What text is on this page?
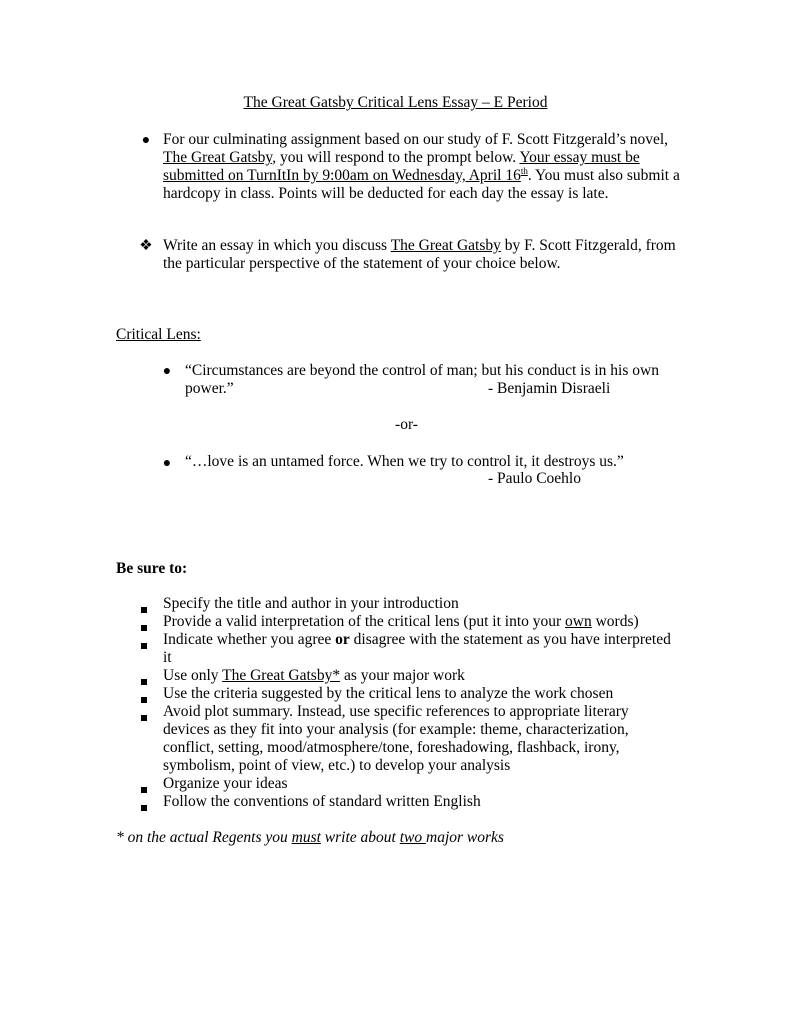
The Great Gatsby Critical Lens Essay – E Period
● For our culminating assignment based on our study of F. Scott Fitzgerald’s novel,
The Great Gatsby, you will respond to the prompt below. Your essay must be submitted on TurnItIn by 9:00am on Wednesday, April 16th. You must also submit a hardcopy in class. Points will be deducted for each day the essay is late.
❖ Write an essay in which you discuss The Great Gatsby by F. Scott Fitzgerald, from the particular perspective of the statement of your choice below.
Critical Lens:
● “Circumstances are beyond the control of man; but his conduct is in his own
power.”	- Benjamin Disraeli
-or-
● “…love is an untamed force. When we try to control it, it destroys us.”
- Paulo Coehlo
Be sure to:
Specify the title and author in your introduction
Provide a valid interpretation of the critical lens (put it into your own words)
Indicate whether you agree or disagree with the statement as you have interpreted
it
Use only The Great Gatsby* as your major work
Use the criteria suggested by the critical lens to analyze the work chosen
Avoid plot summary. Instead, use specific references to appropriate literary
devices as they fit into your analysis (for example: theme, characterization,
conflict, setting, mood/atmosphere/tone, foreshadowing, flashback, irony,
symbolism, point of view, etc.) to develop your analysis
Organize your ideas
Follow the conventions of standard written English
* on the actual Regents you must write about two major works
